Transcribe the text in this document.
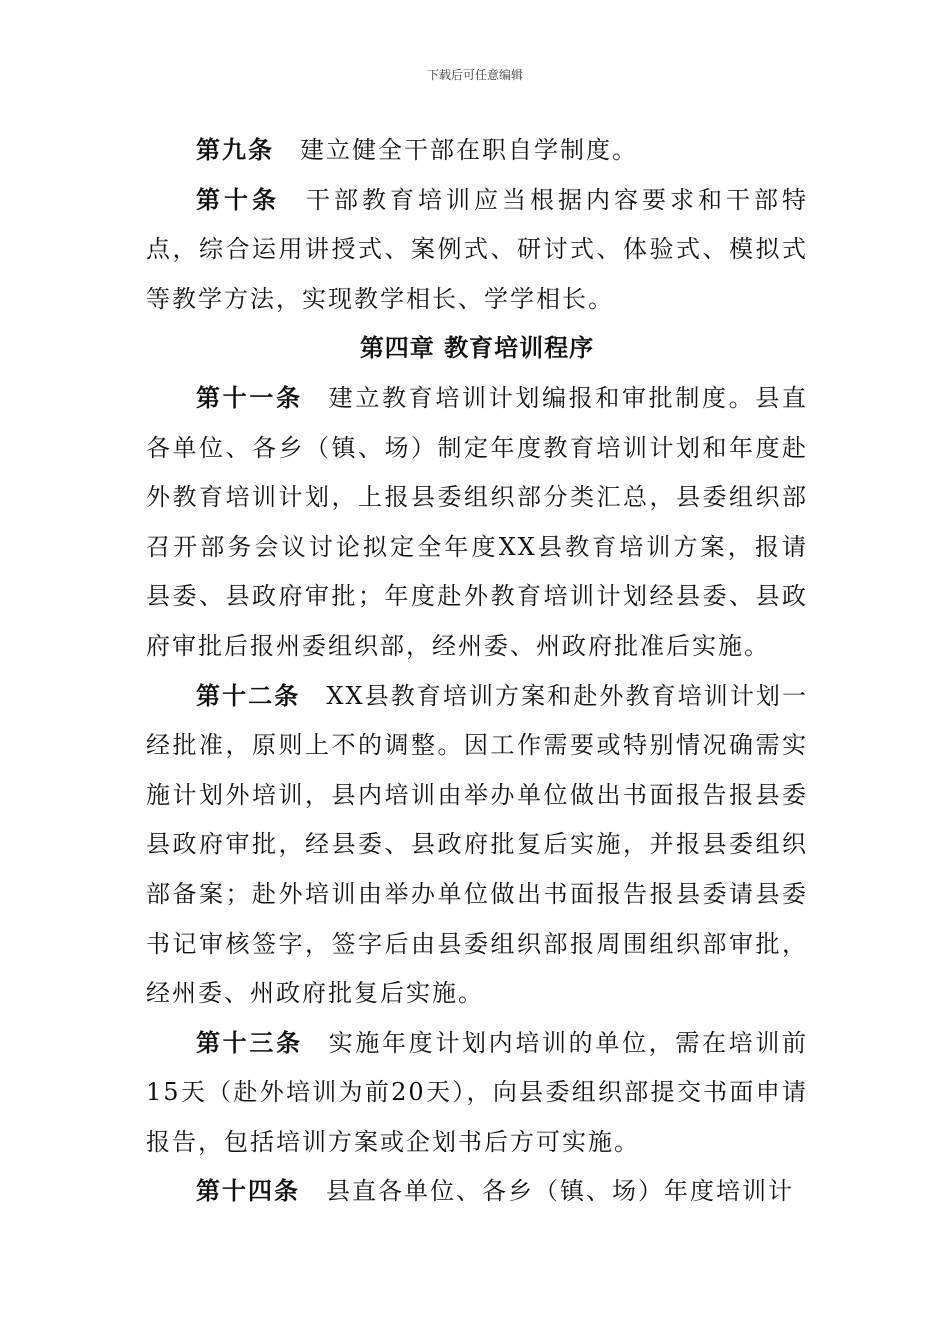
下载后可任意编辑

第九条 建立健全干部在职自学制度。

第十条 干部教育培训应当根据内容要求和干部特点，综合运用讲授式、案例式、研讨式、体验式、模拟式等教学方法，实现教学相长、学学相长。

第四章 教育培训程序

第十一条 建立教育培训计划编报和审批制度。县直各单位、各乡（镇、场）制定年度教育培训计划和年度赴外教育培训计划，上报县委组织部分类汇总，县委组织部召开部务会议讨论拟定全年度XX县教育培训方案，报请县委、县政府审批；年度赴外教育培训计划经县委、县政府审批后报州委组织部，经州委、州政府批准后实施。

第十二条 XX县教育培训方案和赴外教育培训计划一经批准，原则上不的调整。因工作需要或特别情况确需实施计划外培训，县内培训由举办单位做出书面报告报县委县政府审批，经县委、县政府批复后实施，并报县委组织部备案；赴外培训由举办单位做出书面报告报县委请县委书记审核签字，签字后由县委组织部报周围组织部审批，经州委、州政府批复后实施。

第十三条 实施年度计划内培训的单位，需在培训前15天（赴外培训为前20天），向县委组织部提交书面申请报告，包括培训方案或企划书后方可实施。

第十四条 县直各单位、各乡（镇、场）年度培训计
